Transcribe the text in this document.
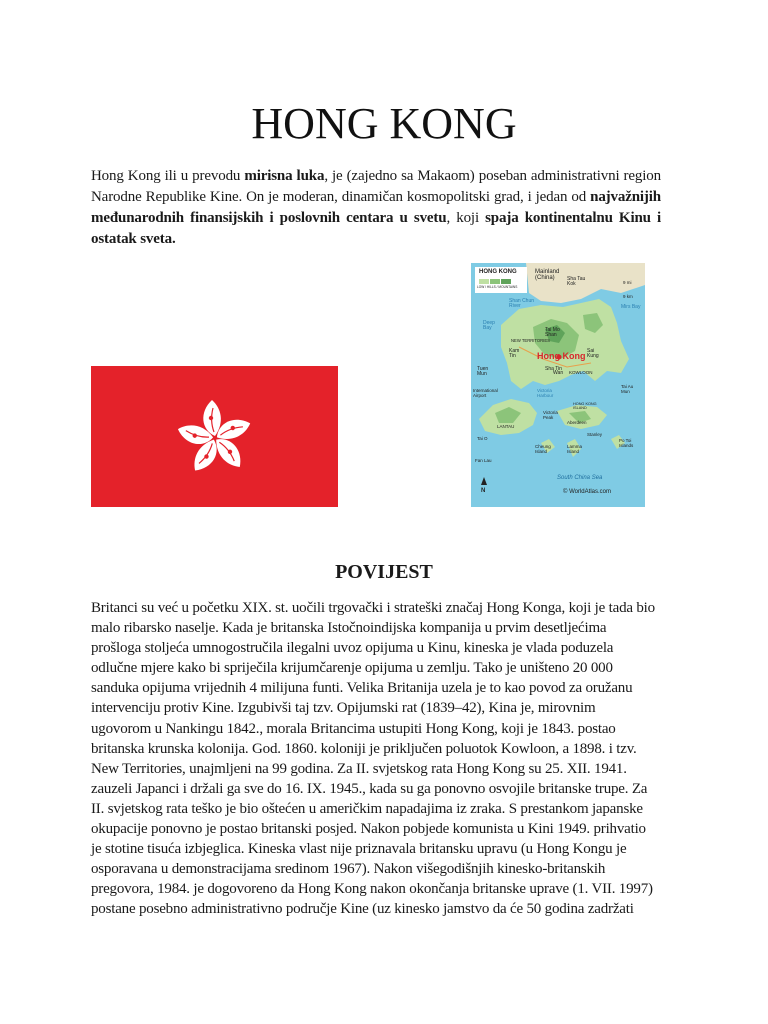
HONG KONG
Hong Kong ili u prevodu mirisna luka, je (zajedno sa Makaom) poseban administrativni region Narodne Republike Kine. On je moderan, dinamičan kosmopolitski grad, i jedan od najvažnijih međunarodnih finansijskih i poslovnih centara u svetu, koji spaja kontinentalnu Kinu i ostatak sveta.
HONG KONG
LOW / HILLS / MOUNTAINS
Mainland (China)
Hong Kong
Sha Tau Kok
Shan Chun River
Deep Bay	Tai Mo Shan
NEW TERRITORIES
Kam Tin
Tuen Mun
Sha Tin
Sai Kung
Wan KOWLOON
International Airport
LANTAU
Victoria Harbour
Victoria Peak
Aberdeen
HONG KONG ISLAND
Stanley
Tai O
Cheung Island
Lamma Island
Po Toi Islands
Fan Lau
Mirs Bay
Tai Au Mun
9 mi
9 km
South China Sea
© WorldAtlas.com
N
POVIJEST
Britanci su već u početku XIX. st. uočili trgovački i strateški značaj Hong Konga, koji je tada bio
malo ribarsko naselje. Kada je britanska Istočnoindijska kompanija u prvim desetljećima
prošloga stoljeća umnogostručila ilegalni uvoz opijuma u Kinu, kineska je vlada poduzela
odlučne mjere kako bi spriječila krijumčarenje opijuma u zemlju. Tako je uništeno 20 000
sanduka opijuma vrijednih 4 milijuna funti. Velika Britanija uzela je to kao povod za oružanu
intervenciju protiv Kine. Izgubivši taj tzv. Opijumski rat (1839–42), Kina je, mirovnim
ugovorom u Nankingu 1842., morala Britancima ustupiti Hong Kong, koji je 1843. postao
britanska krunska kolonija. God. 1860. koloniji je priključen poluotok Kowloon, a 1898. i tzv.
New Territories, unajmljeni na 99 godina. Za II. svjetskog rata Hong Kong su 25. XII. 1941.
zauzeli Japanci i držali ga sve do 16. IX. 1945., kada su ga ponovno osvojile britanske trupe. Za
II. svjetskog rata teško je bio oštećen u američkim napadajima iz zraka. S prestankom japanske
okupacije ponovno je postao britanski posjed. Nakon pobjede komunista u Kini 1949. prihvatio
je stotine tisuća izbjeglica. Kineska vlast nije priznavala britansku upravu (u Hong Kongu je
osporavana u demonstracijama sredinom 1967). Nakon višegodišnjih kinesko-britanskih
pregovora, 1984. je dogovoreno da Hong Kong nakon okončanja britanske uprave (1. VII. 1997)
postane posebno administrativno područje Kine (uz kinesko jamstvo da će 50 godina zadržati
